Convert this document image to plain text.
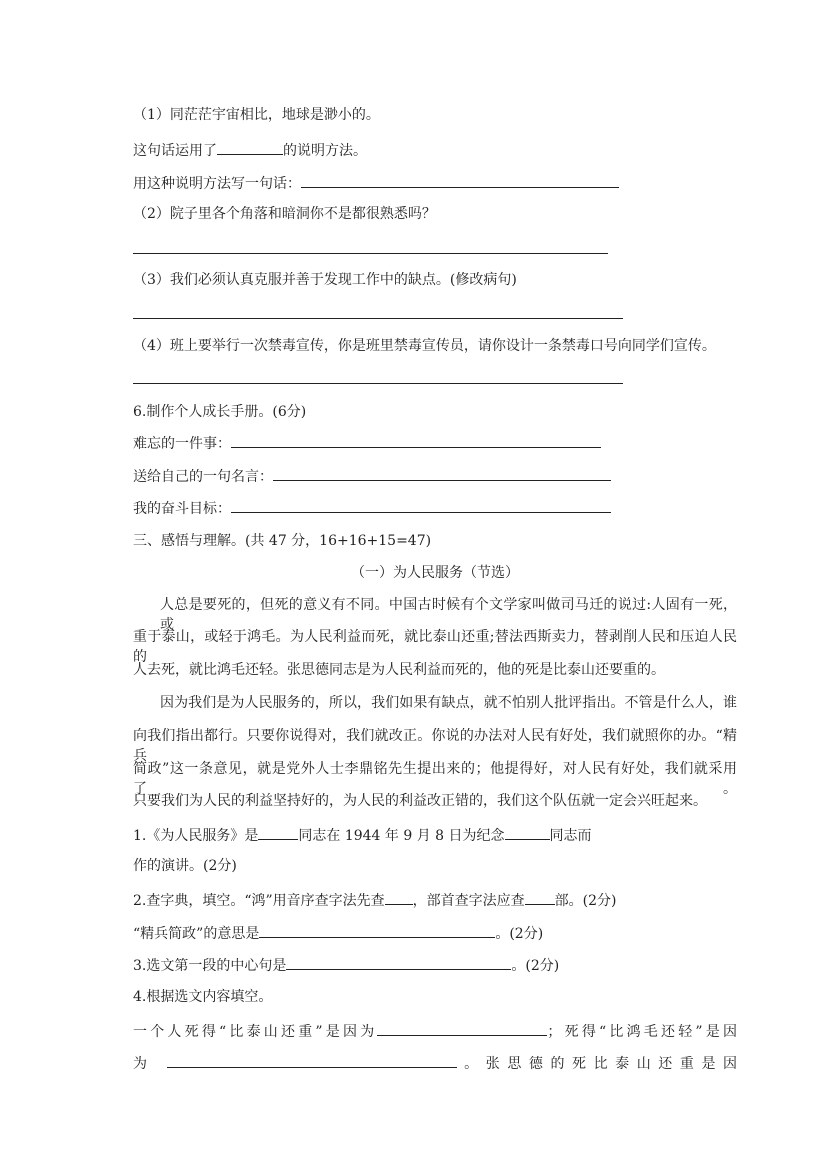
（1）同茫茫宇宙相比，地球是渺小的。
这句话运用了	的说明方法。
用这种说明方法写一句话：
（2）院子里各个角落和暗洞你不是都很熟悉吗？
（3）我们必须认真克服并善于发现工作中的缺点。(修改病句)
（4）班上要举行一次禁毒宣传，你是班里禁毒宣传员，请你设计一条禁毒口号向同学们宣传。
6.制作个人成长手册。(6分)
难忘的一件事：
送给自己的一句名言：
我的奋斗目标：
三、感悟与理解。(共 47 分，16+16+15=47)
（一）为人民服务（节选）
人总是要死的，但死的意义有不同。中国古时候有个文学家叫做司马迁的说过:人固有一死，或
重于泰山，或轻于鸿毛。为人民利益而死，就比泰山还重;替法西斯卖力，替剥削人民和压迫人民的
人去死，就比鸿毛还轻。张思德同志是为人民利益而死的，他的死是比泰山还要重的。
因为我们是为人民服务的，所以，我们如果有缺点，就不怕别人批评指出。不管是什么人，谁
向我们指出都行。只要你说得对，我们就改正。你说的办法对人民有好处，我们就照你的办。“精兵
简政”这一条意见，就是党外人士李鼎铭先生提出来的；他提得好，对人民有好处，我们就采用了。
只要我们为人民的利益坚持好的，为人民的利益改正错的，我们这个队伍就一定会兴旺起来。
1.《为人民服务》是	同志在 1944 年 9 月 8 日为纪念	同志而
作的演讲。(2分)
2.查字典，填空。“鸿”用音序查字法先查 ，部首查字法应查 部。(2分)
“精兵简政”的意思是	。(2分)
3.选文第一段的中心句是	。(2分)
4.根据选文内容填空。
一个人死得“比泰山还重”是因为	；死得“比鸿毛还轻”是因
为	。张思德的死比泰山还重是因
